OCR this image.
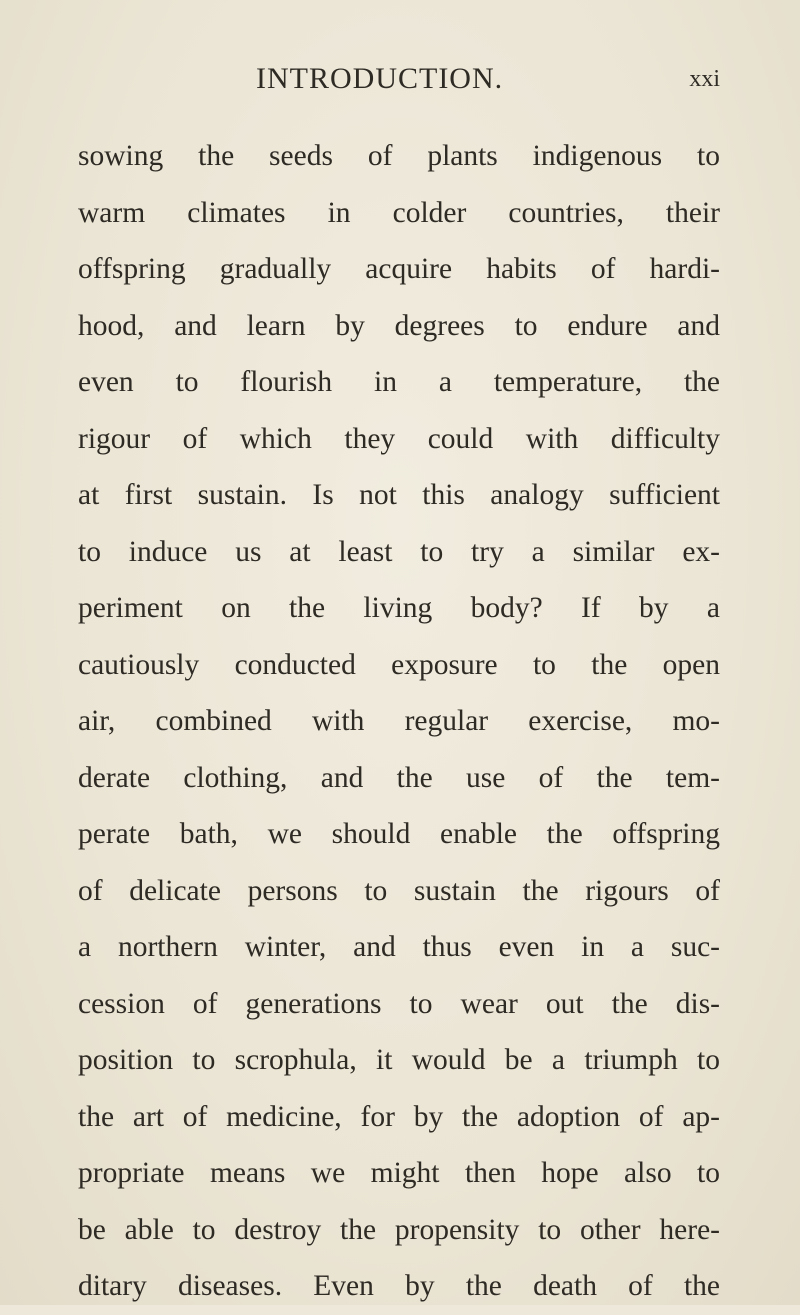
INTRODUCTION.	xxi
sowing the seeds of plants indigenous to
warm climates in colder countries, their
offspring gradually acquire habits of hardi-
hood, and learn by degrees to endure and
even to flourish in a temperature, the
rigour of which they could with difficulty
at first sustain. Is not this analogy sufficient
to induce us at least to try a similar ex-
periment on the living body? If by a
cautiously conducted exposure to the open
air, combined with regular exercise, mo-
derate clothing, and the use of the tem-
perate bath, we should enable the offspring
of delicate persons to sustain the rigours of
a northern winter, and thus even in a suc-
cession of generations to wear out the dis-
position to scrophula, it would be a triumph to
the art of medicine, for by the adoption of ap-
propriate means we might then hope also to
be able to destroy the propensity to other here-
ditary diseases. Even by the death of the
